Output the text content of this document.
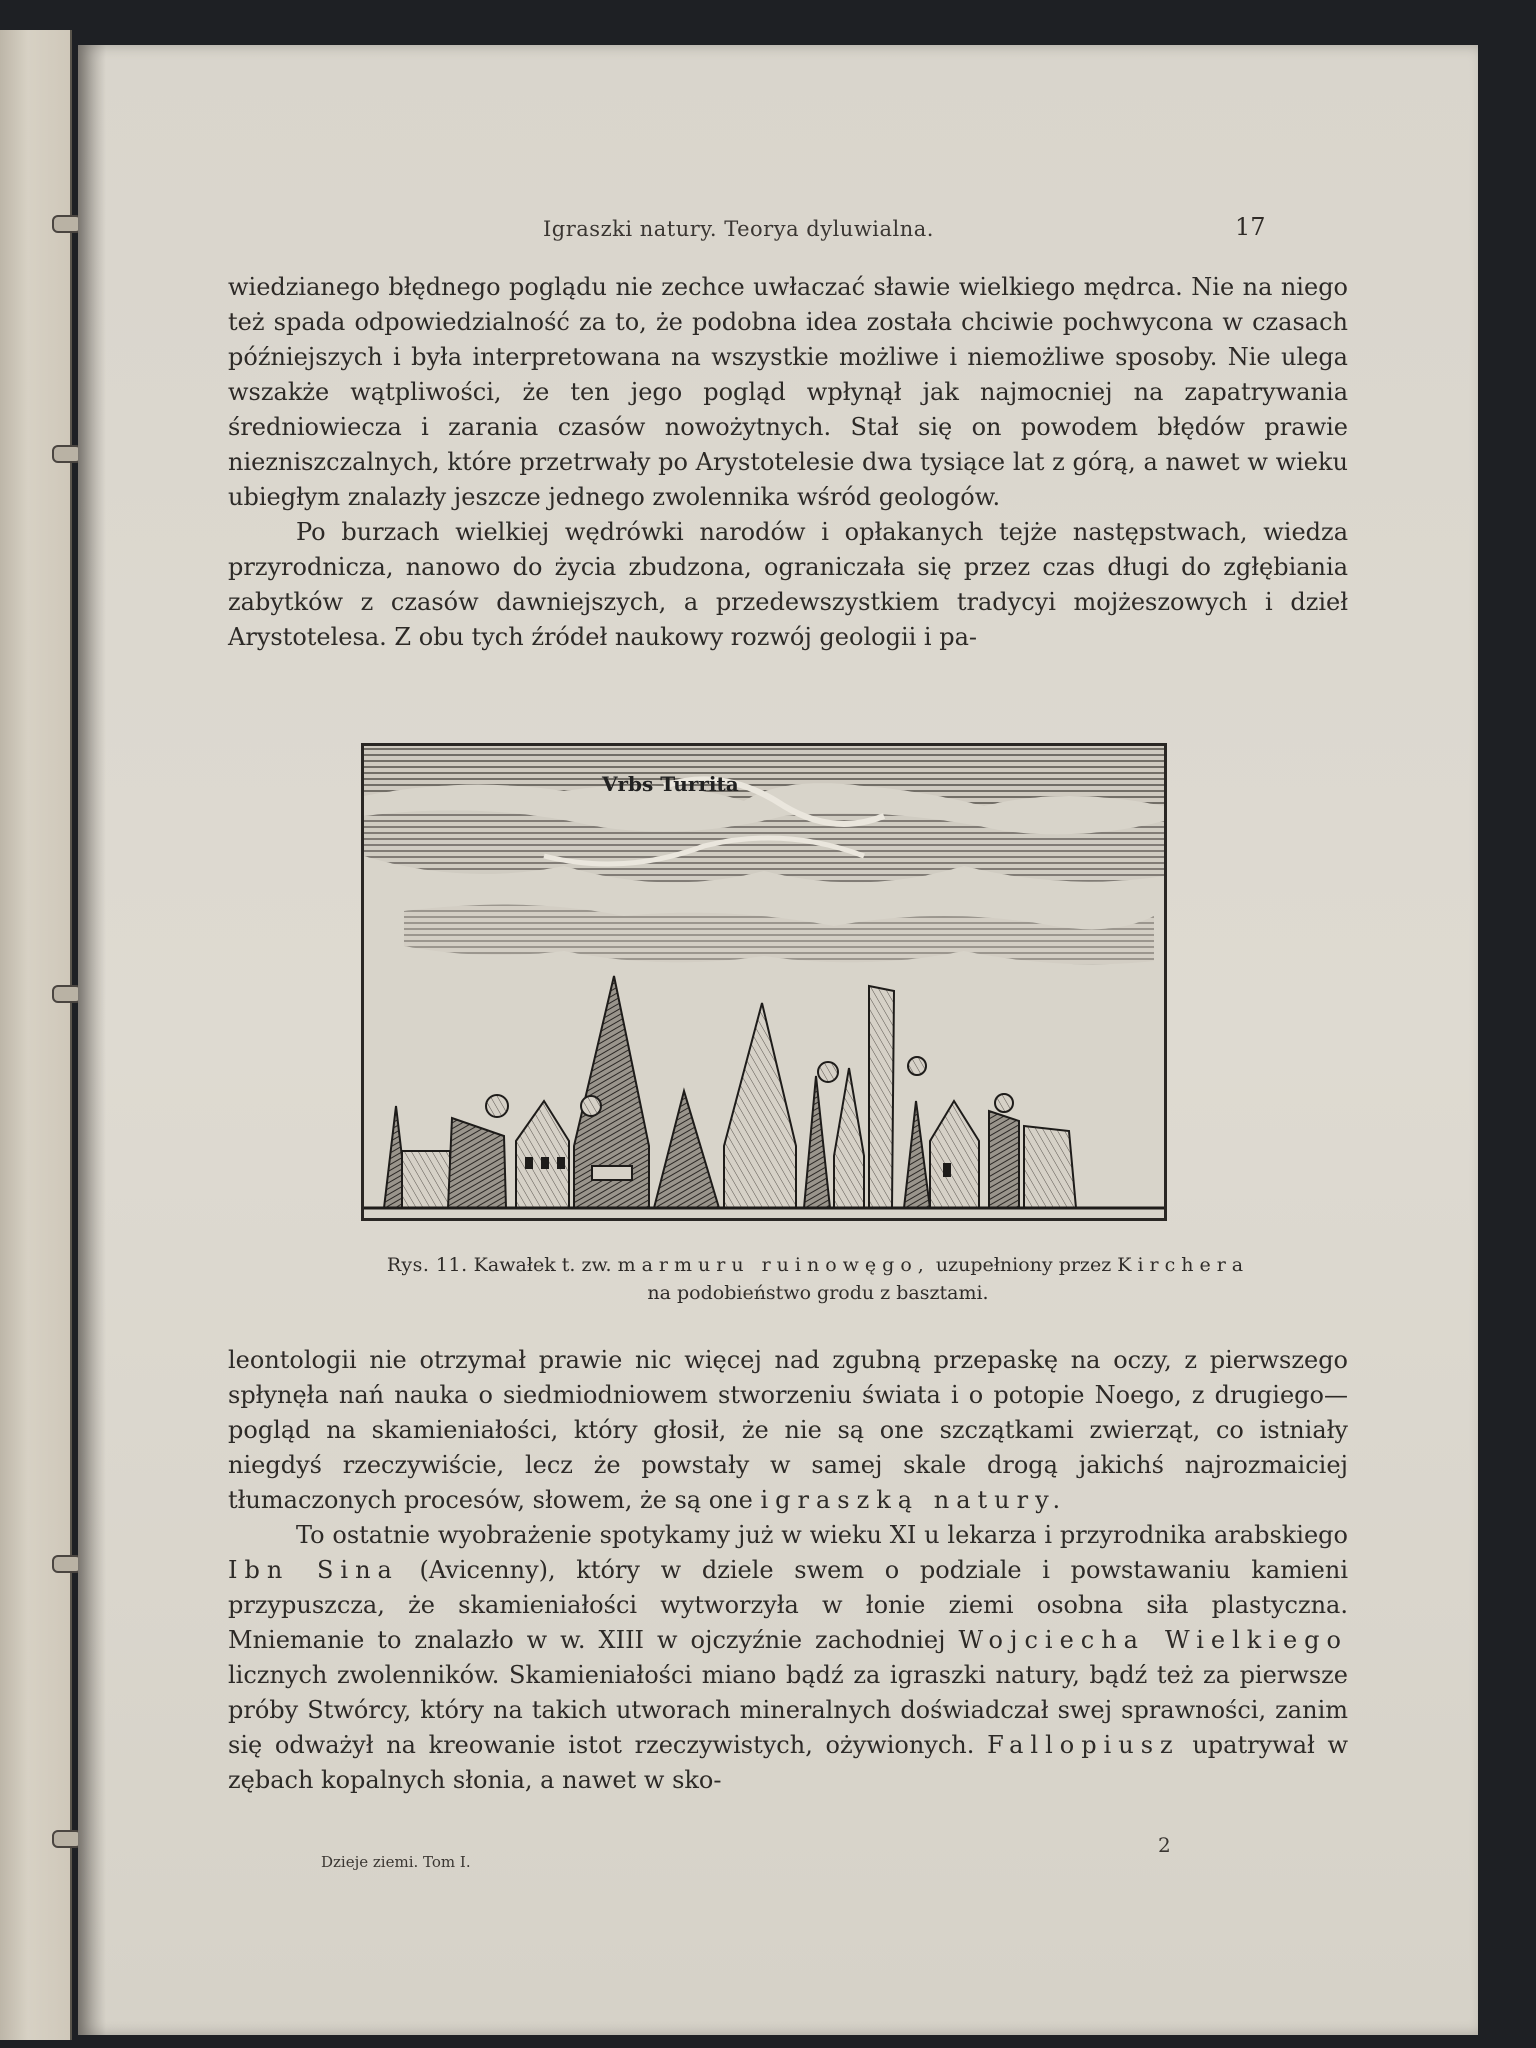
Igraszki natury. Teorya dyluwialna.	17

wiedzianego błędnego poglądu nie zechce uwłaczać sławie wielkiego mędrca. Nie na niego też spada odpowiedzialność za to, że podobna idea została chciwie pochwycona w czasach późniejszych i była interpretowana na wszystkie możliwe i niemożliwe sposoby. Nie ulega wszakże wątpliwości, że ten jego pogląd wpłynął jak najmocniej na zapatrywania średniowiecza i zarania czasów nowożytnych. Stał się on powodem błędów prawie niezniszczalnych, które przetrwały po Arystotelesie dwa tysiące lat z górą, a nawet w wieku ubiegłym znalazły jeszcze jednego zwolennika wśród geologów.

Po burzach wielkiej wędrówki narodów i opłakanych tejże następstwach, wiedza przyrodnicza, nanowo do życia zbudzona, ograniczała się przez czas długi do zgłębiania zabytków z czasów dawniejszych, a przedewszystkiem tradycyi mojżeszowych i dzieł Arystotelesa. Z obu tych źródeł naukowy rozwój geologii i pa-

Vrbs Turrita
Rys. 11. Kawałek t. zw. marmuru ruinowęgo, uzupełniony przez Kirchera
na podobieństwo grodu z basztami.

leontologii nie otrzymał prawie nic więcej nad zgubną przepaskę na oczy, z pierwszego spłynęła nań nauka o siedmiodniowem stworzeniu świata i o potopie Noego, z drugiego—pogląd na skamieniałości, który głosił, że nie są one szczątkami zwierząt, co istniały niegdyś rzeczywiście, lecz że powstały w samej skale drogą jakichś najrozmaiciej tłumaczonych procesów, słowem, że są one igraszką natury.

To ostatnie wyobrażenie spotykamy już w wieku XI u lekarza i przyrodnika arabskiego Ibn Sina (Avicenny), który w dziele swem o podziale i powstawaniu kamieni przypuszcza, że skamieniałości wytworzyła w łonie ziemi osobna siła plastyczna. Mniemanie to znalazło w w. XIII w ojczyźnie zachodniej Wojciecha Wielkiego licznych zwolenników. Skamieniałości miano bądź za igraszki natury, bądź też za pierwsze próby Stwórcy, który na takich utworach mineralnych doświadczał swej sprawności, zanim się odważył na kreowanie istot rzeczywistych, ożywionych. Fallopiusz upatrywał w zębach kopalnych słonia, a nawet w sko-

Dzieje ziemi. Tom I.
2
